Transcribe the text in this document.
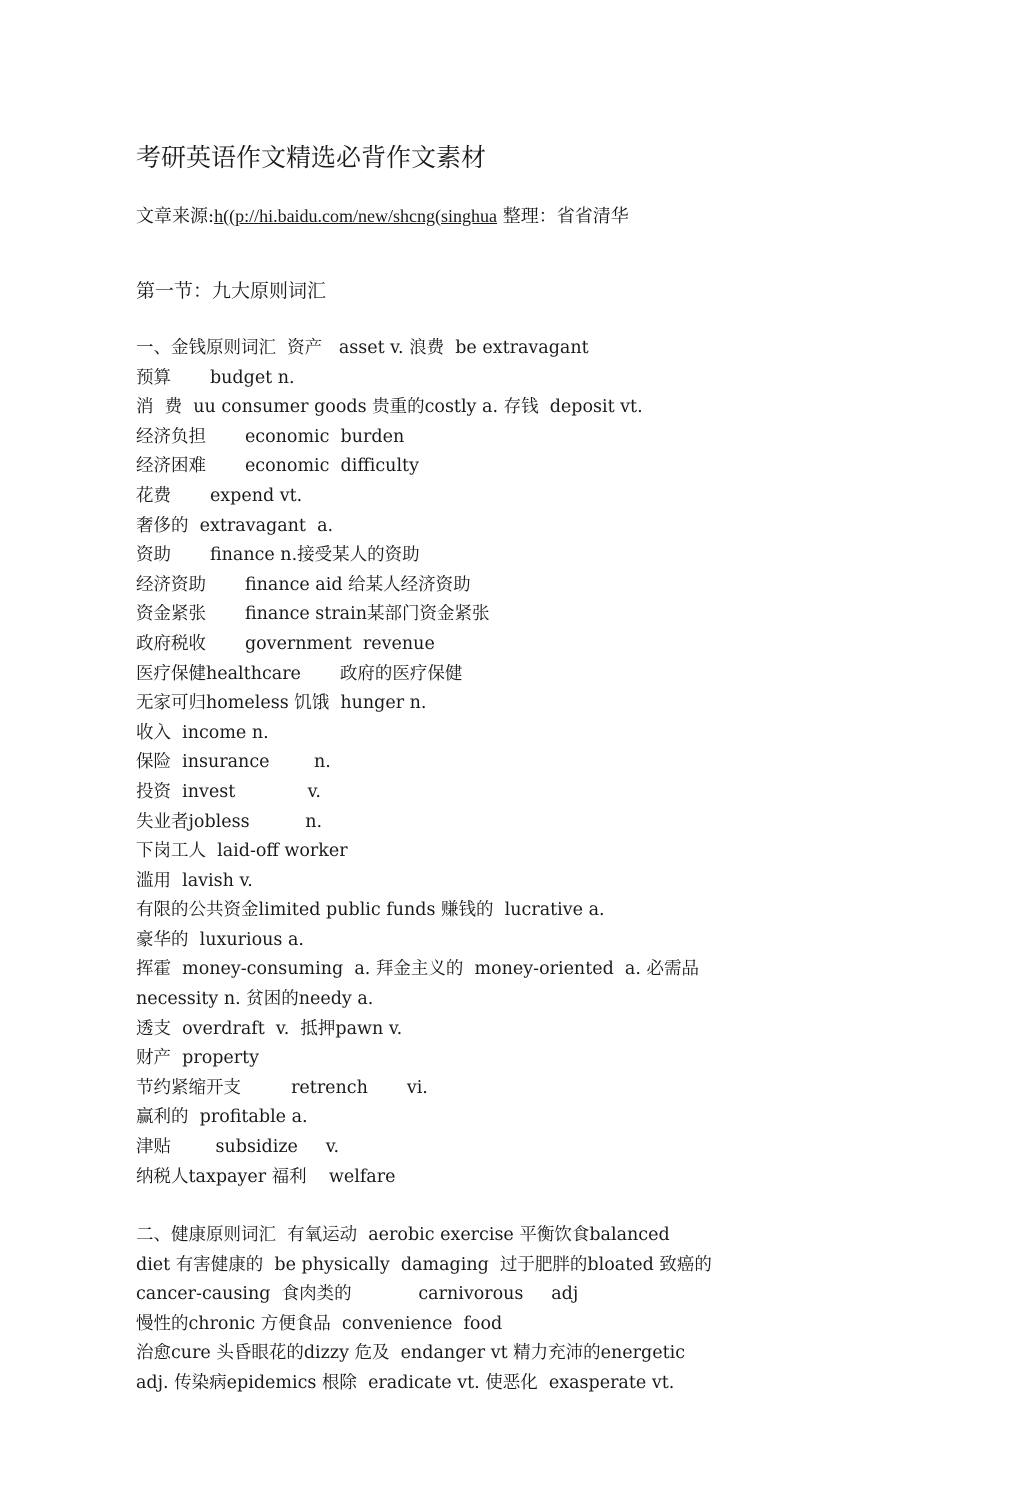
考研英语作文精选必背作文素材
文章来源:h((p://hi.baidu.com/new/shcng(singhua 整理：省省清华
第一节：九大原则词汇
一、金钱原则词汇  资产   asset v. 浪费  be extravagant
预算       budget n.
消  费  uu consumer goods 贵重的costly a. 存钱  deposit vt.
经济负担       economic  burden
经济困难       economic  difficulty
花费       expend vt.
奢侈的  extravagant  a.
资助       finance n.接受某人的资助
经济资助       finance aid 给某人经济资助
资金紧张       finance strain某部门资金紧张
政府税收       government  revenue
医疗保健healthcare       政府的医疗保健
无家可归homeless 饥饿  hunger n.
收入  income n.
保险  insurance        n.
投资  invest             v.
失业者jobless          n.
下岗工人  laid-off worker
滥用  lavish v.
有限的公共资金limited public funds 赚钱的  lucrative a.
豪华的  luxurious a.
挥霍  money-consuming  a. 拜金主义的  money-oriented  a. 必需品
necessity n. 贫困的needy a.
透支  overdraft  v.  抵押pawn v.
财产  property
节约紧缩开支         retrench       vi.
赢利的  profitable a.
津贴        subsidize     v.
纳税人taxpayer 福利    welfare
二、健康原则词汇  有氧运动  aerobic exercise 平衡饮食balanced
diet 有害健康的  be physically  damaging  过于肥胖的bloated 致癌的
cancer-causing  食肉类的            carnivorous     adj
慢性的chronic 方便食品  convenience  food
治愈cure 头昏眼花的dizzy 危及  endanger vt 精力充沛的energetic
adj. 传染病epidemics 根除  eradicate vt. 使恶化  exasperate vt.
